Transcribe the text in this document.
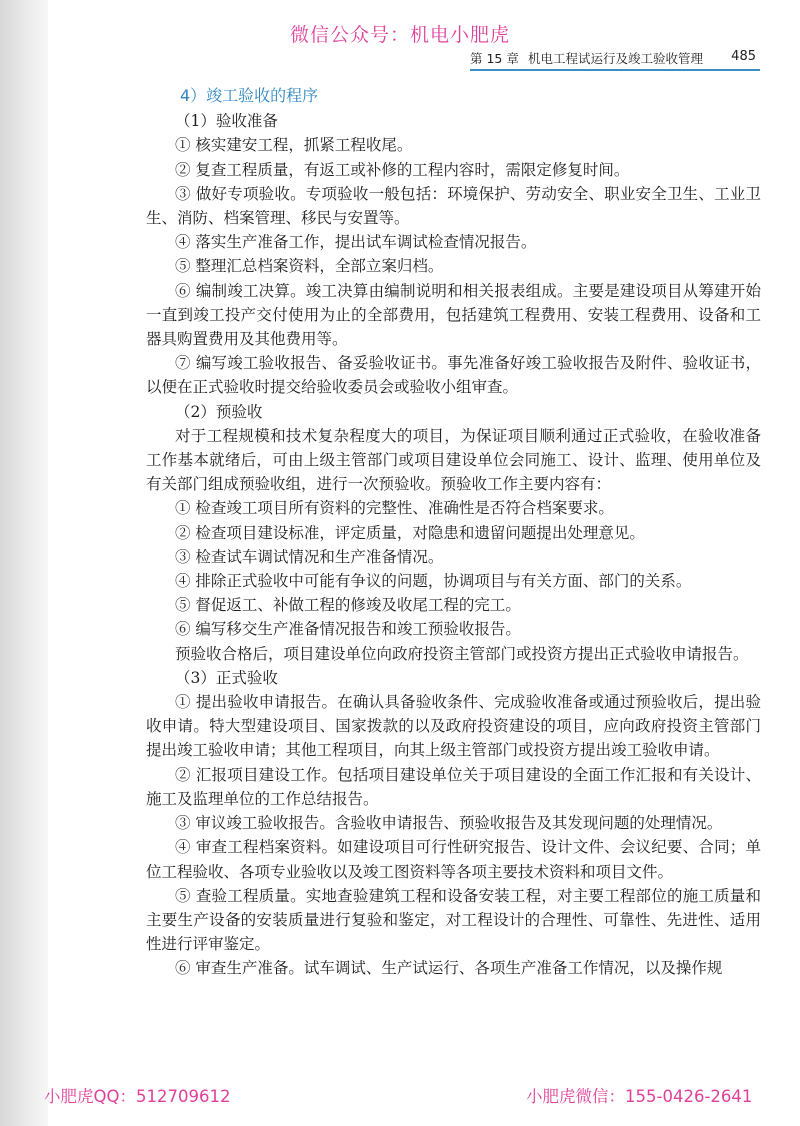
微信公众号：机电小肥虎
第 15 章 机电工程试运行及竣工验收管理 485

4）竣工验收的程序

（1）验收准备

① 核实建安工程，抓紧工程收尾。

② 复查工程质量，有返工或补修的工程内容时，需限定修复时间。

③ 做好专项验收。专项验收一般包括：环境保护、劳动安全、职业安全卫生、工业卫生、消防、档案管理、移民与安置等。

④ 落实生产准备工作，提出试车调试检查情况报告。

⑤ 整理汇总档案资料，全部立案归档。

⑥ 编制竣工决算。竣工决算由编制说明和相关报表组成。主要是建设项目从筹建开始一直到竣工投产交付使用为止的全部费用，包括建筑工程费用、安装工程费用、设备和工器具购置费用及其他费用等。

⑦ 编写竣工验收报告、备妥验收证书。事先准备好竣工验收报告及附件、验收证书，以便在正式验收时提交给验收委员会或验收小组审查。

（2）预验收

对于工程规模和技术复杂程度大的项目，为保证项目顺利通过正式验收，在验收准备工作基本就绪后，可由上级主管部门或项目建设单位会同施工、设计、监理、使用单位及有关部门组成预验收组，进行一次预验收。预验收工作主要内容有：

① 检查竣工项目所有资料的完整性、准确性是否符合档案要求。

② 检查项目建设标准，评定质量，对隐患和遗留问题提出处理意见。

③ 检查试车调试情况和生产准备情况。

④ 排除正式验收中可能有争议的问题，协调项目与有关方面、部门的关系。

⑤ 督促返工、补做工程的修竣及收尾工程的完工。

⑥ 编写移交生产准备情况报告和竣工预验收报告。

预验收合格后，项目建设单位向政府投资主管部门或投资方提出正式验收申请报告。

（3）正式验收

① 提出验收申请报告。在确认具备验收条件、完成验收准备或通过预验收后，提出验收申请。特大型建设项目、国家拨款的以及政府投资建设的项目，应向政府投资主管部门提出竣工验收申请；其他工程项目，向其上级主管部门或投资方提出竣工验收申请。

② 汇报项目建设工作。包括项目建设单位关于项目建设的全面工作汇报和有关设计、施工及监理单位的工作总结报告。

③ 审议竣工验收报告。含验收申请报告、预验收报告及其发现问题的处理情况。

④ 审查工程档案资料。如建设项目可行性研究报告、设计文件、会议纪要、合同；单位工程验收、各项专业验收以及竣工图资料等各项主要技术资料和项目文件。

⑤ 查验工程质量。实地查验建筑工程和设备安装工程，对主要工程部位的施工质量和主要生产设备的安装质量进行复验和鉴定，对工程设计的合理性、可靠性、先进性、适用性进行评审鉴定。

⑥ 审查生产准备。试车调试、生产试运行、各项生产准备工作情况，以及操作规

小肥虎QQ：512709612	小肥虎微信：155-0426-2641
